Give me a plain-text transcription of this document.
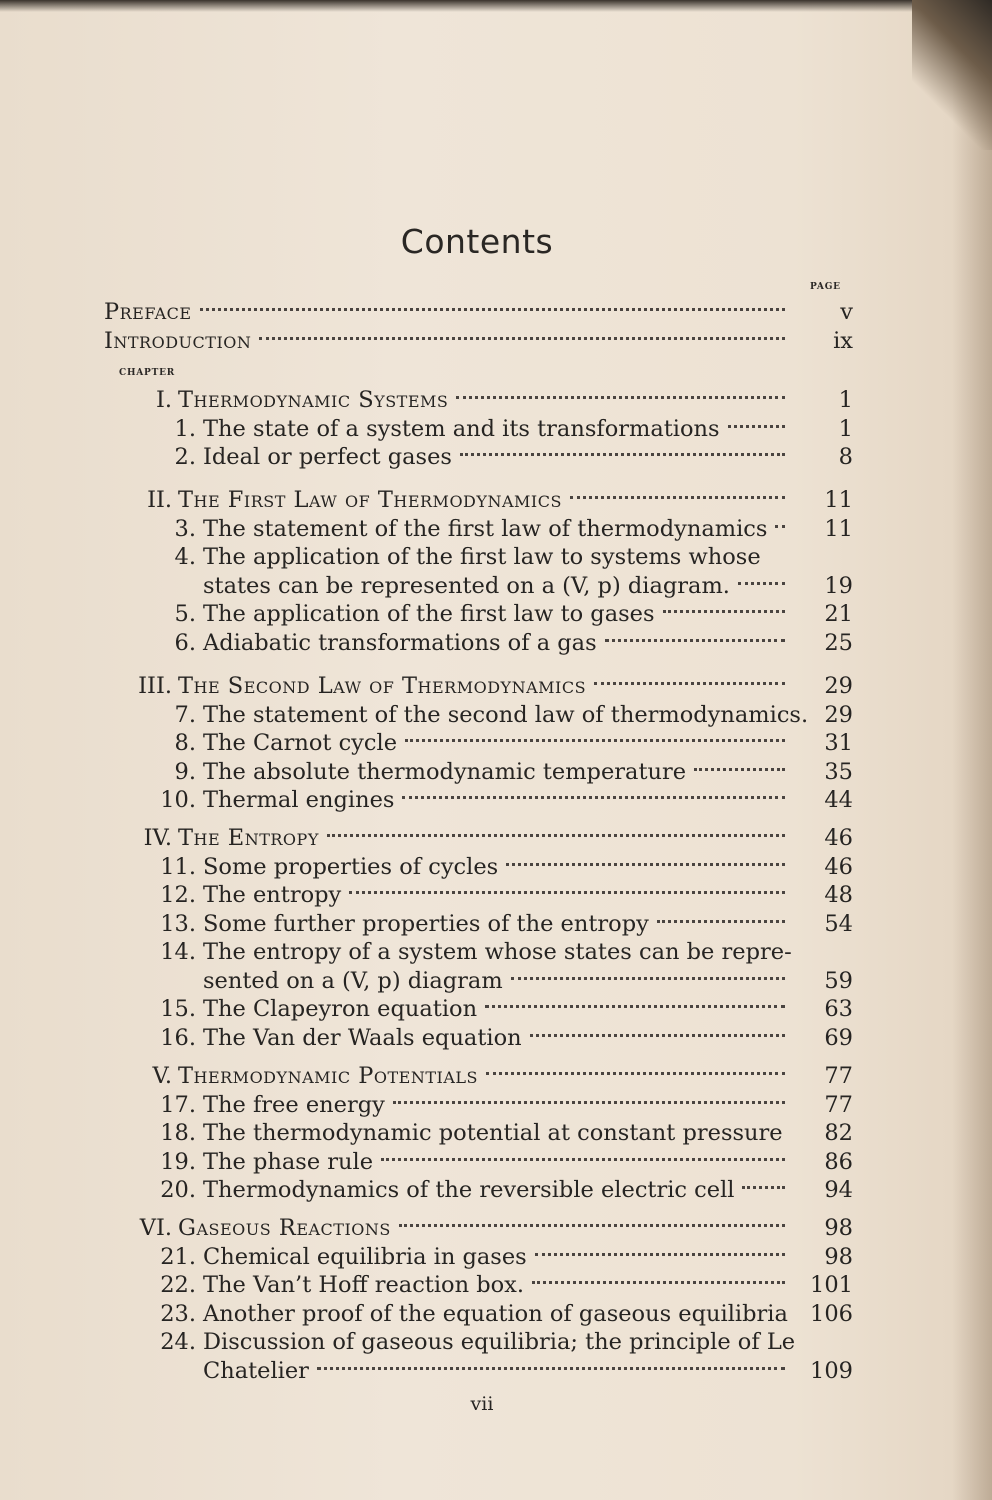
Contents
PAGE
CHAPTER
Preface	v
Introduction	ix
I. Thermodynamic Systems	1
1. The state of a system and its transformations	1
2. Ideal or perfect gases	8
II. The First Law of Thermodynamics	11
3. The statement of the first law of thermodynamics	11
4. The application of the first law to systems whose
states can be represented on a (V, p) diagram.	19
5. The application of the first law to gases	21
6. Adiabatic transformations of a gas	25
III. The Second Law of Thermodynamics	29
7. The statement of the second law of thermodynamics. 29
8. The Carnot cycle	31
9. The absolute thermodynamic temperature	35
10. Thermal engines	44
IV. The Entropy	46
11. Some properties of cycles	46
12. The entropy	48
13. Some further properties of the entropy	54
14. The entropy of a system whose states can be repre-
sented on a (V, p) diagram	59
15. The Clapeyron equation	63
16. The Van der Waals equation	69
V. Thermodynamic Potentials	77
17. The free energy	77
18. The thermodynamic potential at constant pressure	82
19. The phase rule	86
20. Thermodynamics of the reversible electric cell	94
VI. Gaseous Reactions	98
21. Chemical equilibria in gases	98
22. The Van’t Hoff reaction box.	101
23. Another proof of the equation of gaseous equilibria 106
24. Discussion of gaseous equilibria; the principle of Le
Chatelier	109
vii
